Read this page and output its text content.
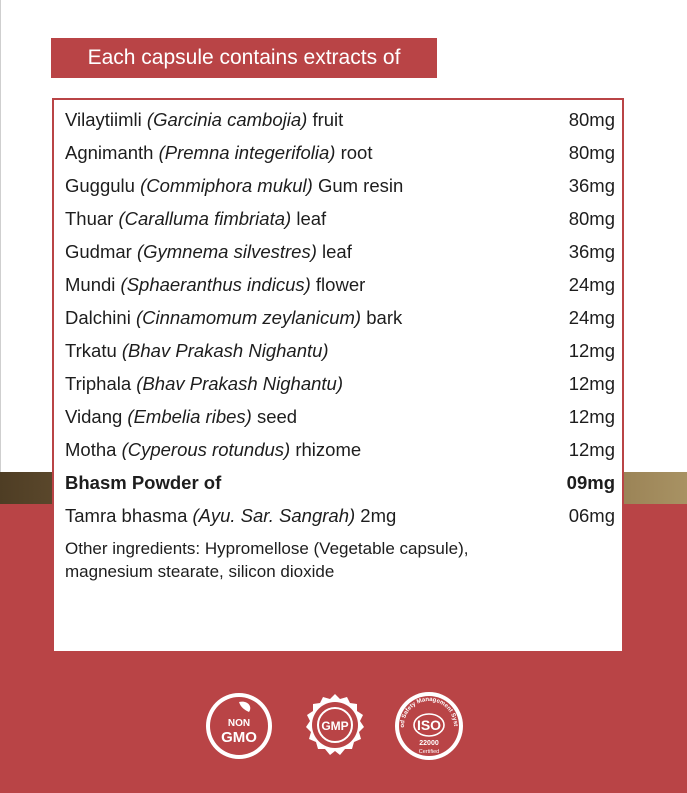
Each capsule contains extracts of
Vilaytiimli (Garcinia cambojia) fruit	80mg
Agnimanth (Premna integerifolia) root	80mg
Guggulu (Commiphora mukul) Gum resin	36mg
Thuar (Caralluma fimbriata) leaf	80mg
Gudmar (Gymnema silvestres) leaf	36mg
Mundi (Sphaeranthus indicus) flower	24mg
Dalchini (Cinnamomum zeylanicum) bark	24mg
Trkatu (Bhav Prakash Nighantu)	12mg
Triphala (Bhav Prakash Nighantu)	12mg
Vidang (Embelia ribes) seed	12mg
Motha (Cyperous rotundus) rhizome	12mg
Bhasm Powder of	09mg
Tamra bhasma (Ayu. Sar. Sangrah) 2mg	06mg
Other ingredients: Hypromellose (Vegetable capsule),
magnesium stearate, silicon dioxide
NON
GMO
GMP	od Safety Management Syst
ISO
22000
Certified
